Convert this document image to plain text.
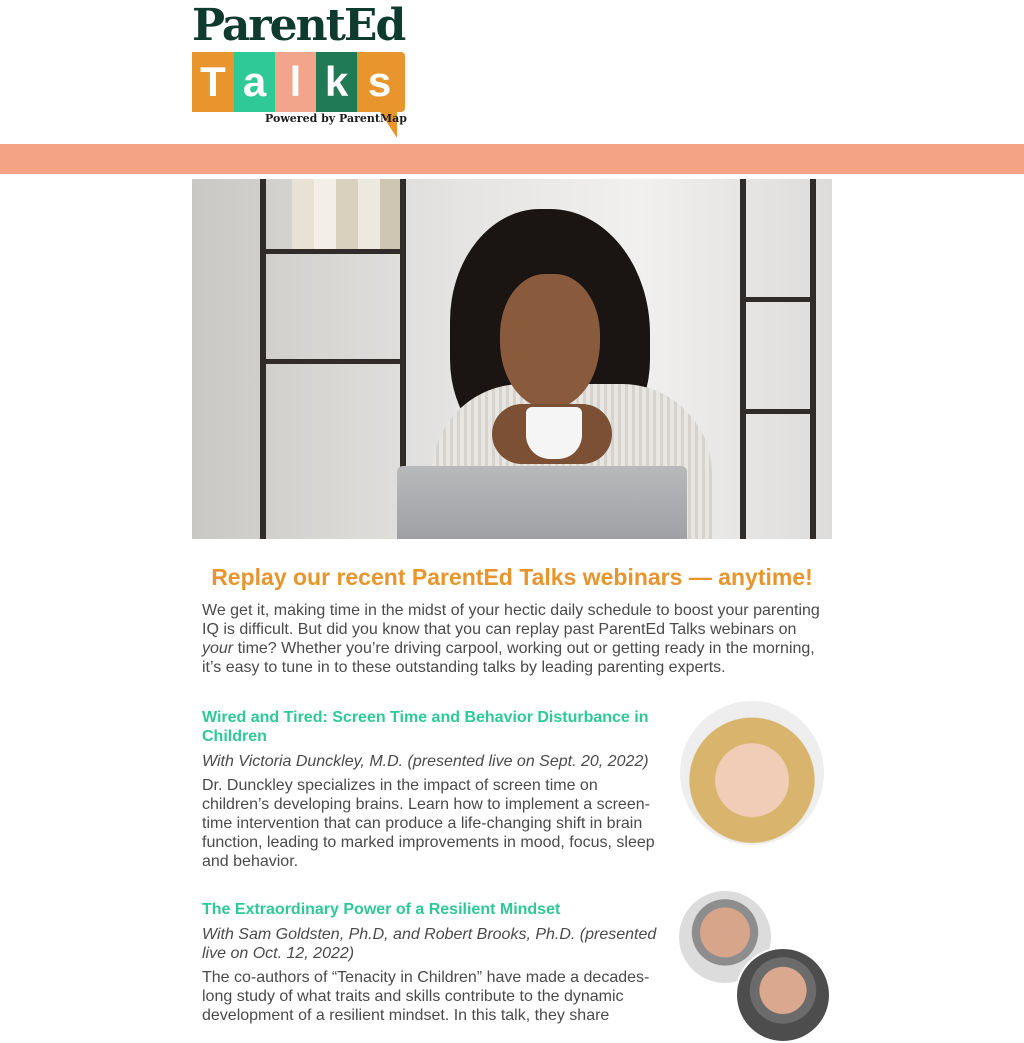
ParentEd
T a l k s
Powered by ParentMap
Replay our recent ParentEd Talks webinars — anytime!
We get it, making time in the midst of your hectic daily schedule to boost your parenting IQ is difficult. But did you know that you can replay past ParentEd Talks webinars on your time? Whether you’re driving carpool, working out or getting ready in the morning, it’s easy to tune in to these outstanding talks by leading parenting experts.
Wired and Tired: Screen Time and Behavior Disturbance in Children

With Victoria Dunckley, M.D. (presented live on Sept. 20, 2022)

Dr. Dunckley specializes in the impact of screen time on children’s developing brains. Learn how to implement a screen-time intervention that can produce a life-changing shift in brain function, leading to marked improvements in mood, focus, sleep and behavior.

The Extraordinary Power of a Resilient Mindset

With Sam Goldsten, Ph.D, and Robert Brooks, Ph.D. (presented live on Oct. 12, 2022)

The co-authors of “Tenacity in Children” have made a decades-long study of what traits and skills contribute to the dynamic development of a resilient mindset. In this talk, they share
